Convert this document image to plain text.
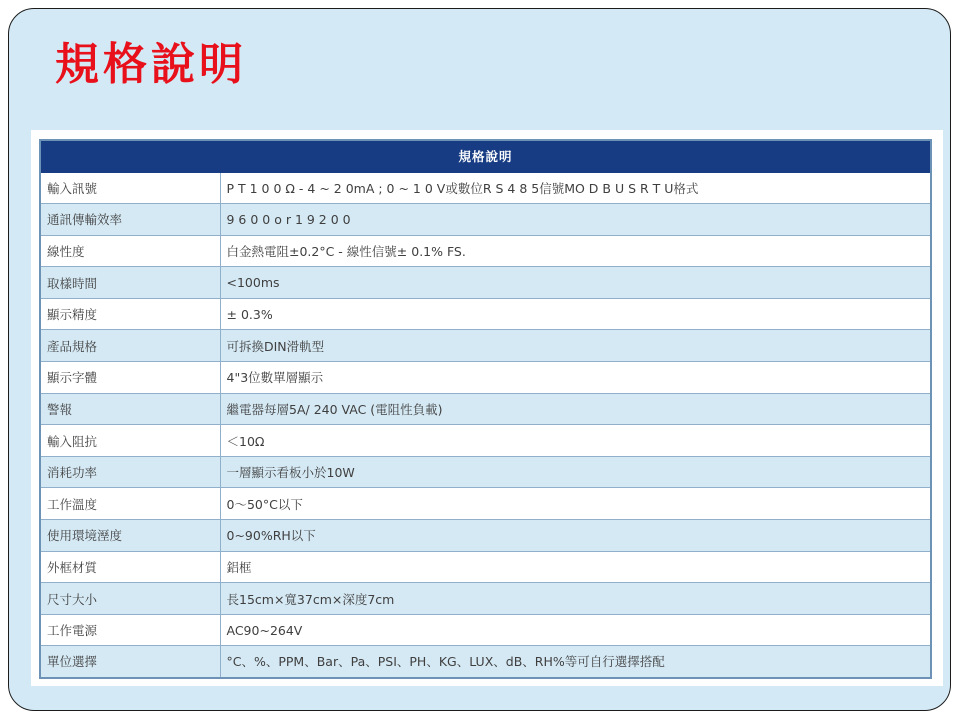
規格說明
規格說明	
輸入訊號	P T 1 0 0 Ω - 4 ~ 2 0mA ; 0 ~ 1 0 V或數位R S 4 8 5信號MO D B U S R T U格式
通訊傳輸效率	9 6 0 0 o r 1 9 2 0 0
線性度	白金熱電阻±0.2°C - 線性信號± 0.1% FS.
取樣時間	<100ms
顯示精度	± 0.3%
產品規格	可拆換DIN滑軌型
顯示字體	4"3位數單層顯示
警報	繼電器每層5A/ 240 VAC (電阻性負載)
輸入阻抗	＜10Ω
消耗功率	一層顯示看板小於10W
工作溫度	0〜50°C以下
使用環境溼度	0~90%RH以下
外框材質	鋁框
尺寸大小	長15cm×寬37cm×深度7cm
工作電源	AC90~264V
單位選擇	°C、%、PPM、Bar、Pa、PSI、PH、KG、LUX、dB、RH%等可自行選擇搭配
